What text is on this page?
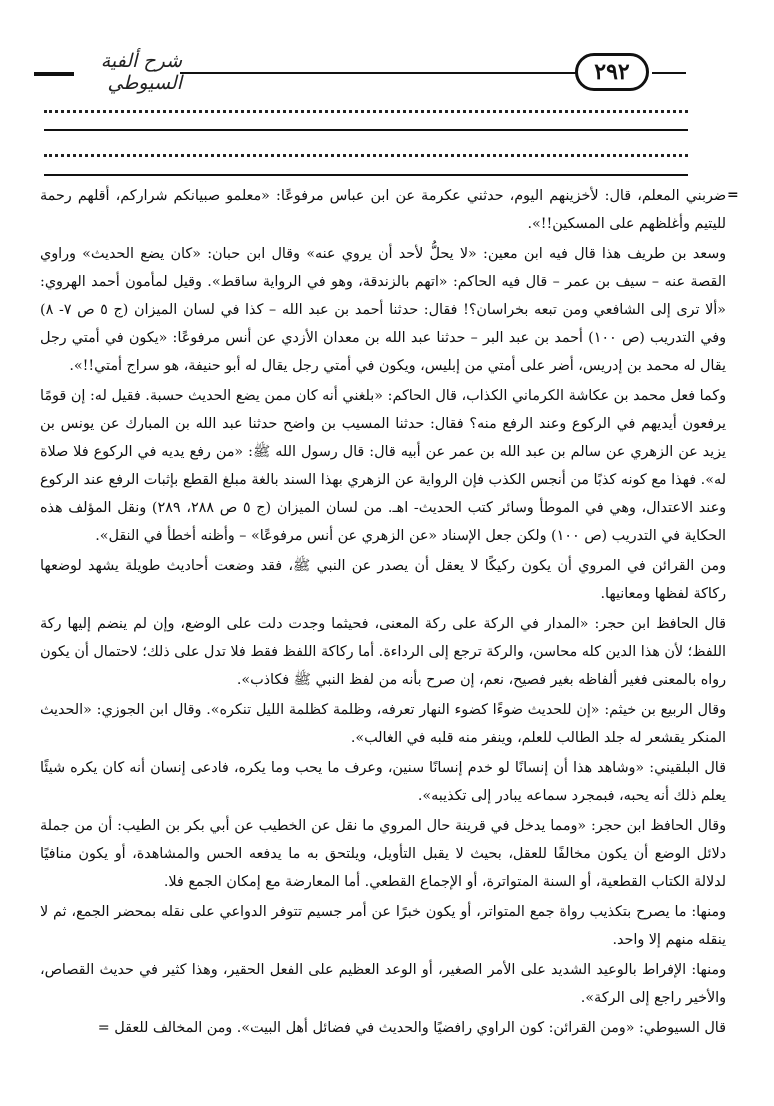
شرح ألفية السيوطي	٢٩٢
=

ضربني المعلم، قال: لأخزينهم اليوم، حدثني عكرمة عن ابن عباس مرفوعًا: «معلمو صبيانكم شراركم، أقلهم رحمة لليتيم وأغلظهم على المسكين!!».

وسعد بن طريف هذا قال فيه ابن معين: «لا يحلُّ لأحد أن يروي عنه» وقال ابن حبان: «كان يضع الحديث» وراوي القصة عنه – سيف بن عمر – قال فيه الحاكم: «اتهم بالزندقة، وهو في الرواية ساقط». وقيل لمأمون أحمد الهروي: «ألا ترى إلى الشافعي ومن تبعه بخراسان؟! فقال: حدثنا أحمد بن عبد الله – كذا في لسان الميزان (ج ٥ ص ٧- ٨) وفي التدريب (ص ١٠٠) أحمد بن عبد البر – حدثنا عبد الله بن معدان الأزدي عن أنس مرفوعًا: «يكون في أمتي رجل يقال له محمد بن إدريس، أضر على أمتي من إبليس، ويكون في أمتي رجل يقال له أبو حنيفة، هو سراج أمتي!!».

وكما فعل محمد بن عكاشة الكرماني الكذاب، قال الحاكم: «بلغني أنه كان ممن يضع الحديث حسبة. فقيل له: إن قومًا يرفعون أيديهم في الركوع وعند الرفع منه؟ فقال: حدثنا المسيب بن واضح حدثنا عبد الله بن المبارك عن يونس بن يزيد عن الزهري عن سالم بن عبد الله بن عمر عن أبيه قال: قال رسول الله ﷺ: «من رفع يديه في الركوع فلا صلاة له». فهذا مع كونه كذبًا من أنجس الكذب فإن الرواية عن الزهري بهذا السند بالغة مبلغ القطع بإثبات الرفع عند الركوع وعند الاعتدال، وهي في الموطأ وسائر كتب الحديث- اهـ. من لسان الميزان (ج ٥ ص ٢٨٨، ٢٨٩) ونقل المؤلف هذه الحكاية في التدريب (ص ١٠٠) ولكن جعل الإسناد «عن الزهري عن أنس مرفوعًا» – وأظنه أخطأ في النقل».

ومن القرائن في المروي أن يكون ركيكًا لا يعقل أن يصدر عن النبي ﷺ، فقد وضعت أحاديث طويلة يشهد لوضعها ركاكة لفظها ومعانيها.

قال الحافظ ابن حجر: «المدار في الركة على ركة المعنى، فحيثما وجدت دلت على الوضع، وإن لم ينضم إليها ركة اللفظ؛ لأن هذا الدين كله محاسن، والركة ترجع إلى الرداءة. أما ركاكة اللفظ فقط فلا تدل على ذلك؛ لاحتمال أن يكون رواه بالمعنى فغير ألفاظه بغير فصيح، نعم، إن صرح بأنه من لفظ النبي ﷺ فكاذب».

وقال الربيع بن خيثم: «إن للحديث ضوءًا كضوء النهار تعرفه، وظلمة كظلمة الليل تنكره». وقال ابن الجوزي: «الحديث المنكر يقشعر له جلد الطالب للعلم، وينفر منه قلبه في الغالب».

قال البلقيني: «وشاهد هذا أن إنسانًا لو خدم إنسانًا سنين، وعرف ما يحب وما يكره، فادعى إنسان أنه كان يكره شيئًا يعلم ذلك أنه يحبه، فبمجرد سماعه يبادر إلى تكذيبه».

وقال الحافظ ابن حجر: «ومما يدخل في قرينة حال المروي ما نقل عن الخطيب عن أبي بكر بن الطيب: أن من جملة دلائل الوضع أن يكون مخالفًا للعقل، بحيث لا يقبل التأويل، ويلتحق به ما يدفعه الحس والمشاهدة، أو يكون منافيًا لدلالة الكتاب القطعية، أو السنة المتواترة، أو الإجماع القطعي. أما المعارضة مع إمكان الجمع فلا.

ومنها: ما يصرح بتكذيب رواة جمع المتواتر، أو يكون خبرًا عن أمر جسيم تتوفر الدواعي على نقله بمحضر الجمع، ثم لا ينقله منهم إلا واحد.

ومنها: الإفراط بالوعيد الشديد على الأمر الصغير، أو الوعد العظيم على الفعل الحقير، وهذا كثير في حديث القصاص، والأخير راجع إلى الركة».

قال السيوطي: «ومن القرائن: كون الراوي رافضيًا والحديث في فضائل أهل البيت». ومن المخالف للعقل =
